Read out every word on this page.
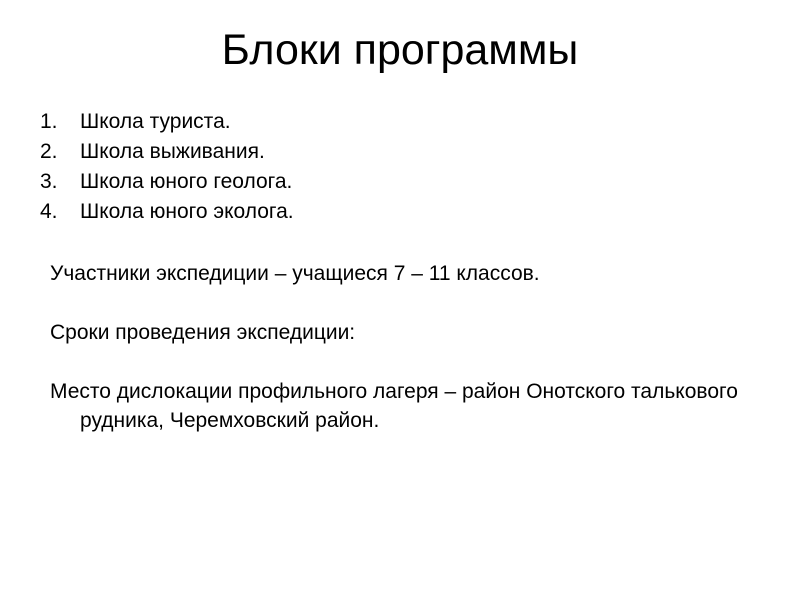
Блоки программы
1.	Школа туриста.
2.	Школа выживания.
3.	Школа юного геолога.
4.	Школа юного эколога.

Участники экспедиции – учащиеся 7 – 11 классов.

Сроки проведения экспедиции:

Место дислокации профильного лагеря – район Онотского талькового рудника, Черемховский район.
